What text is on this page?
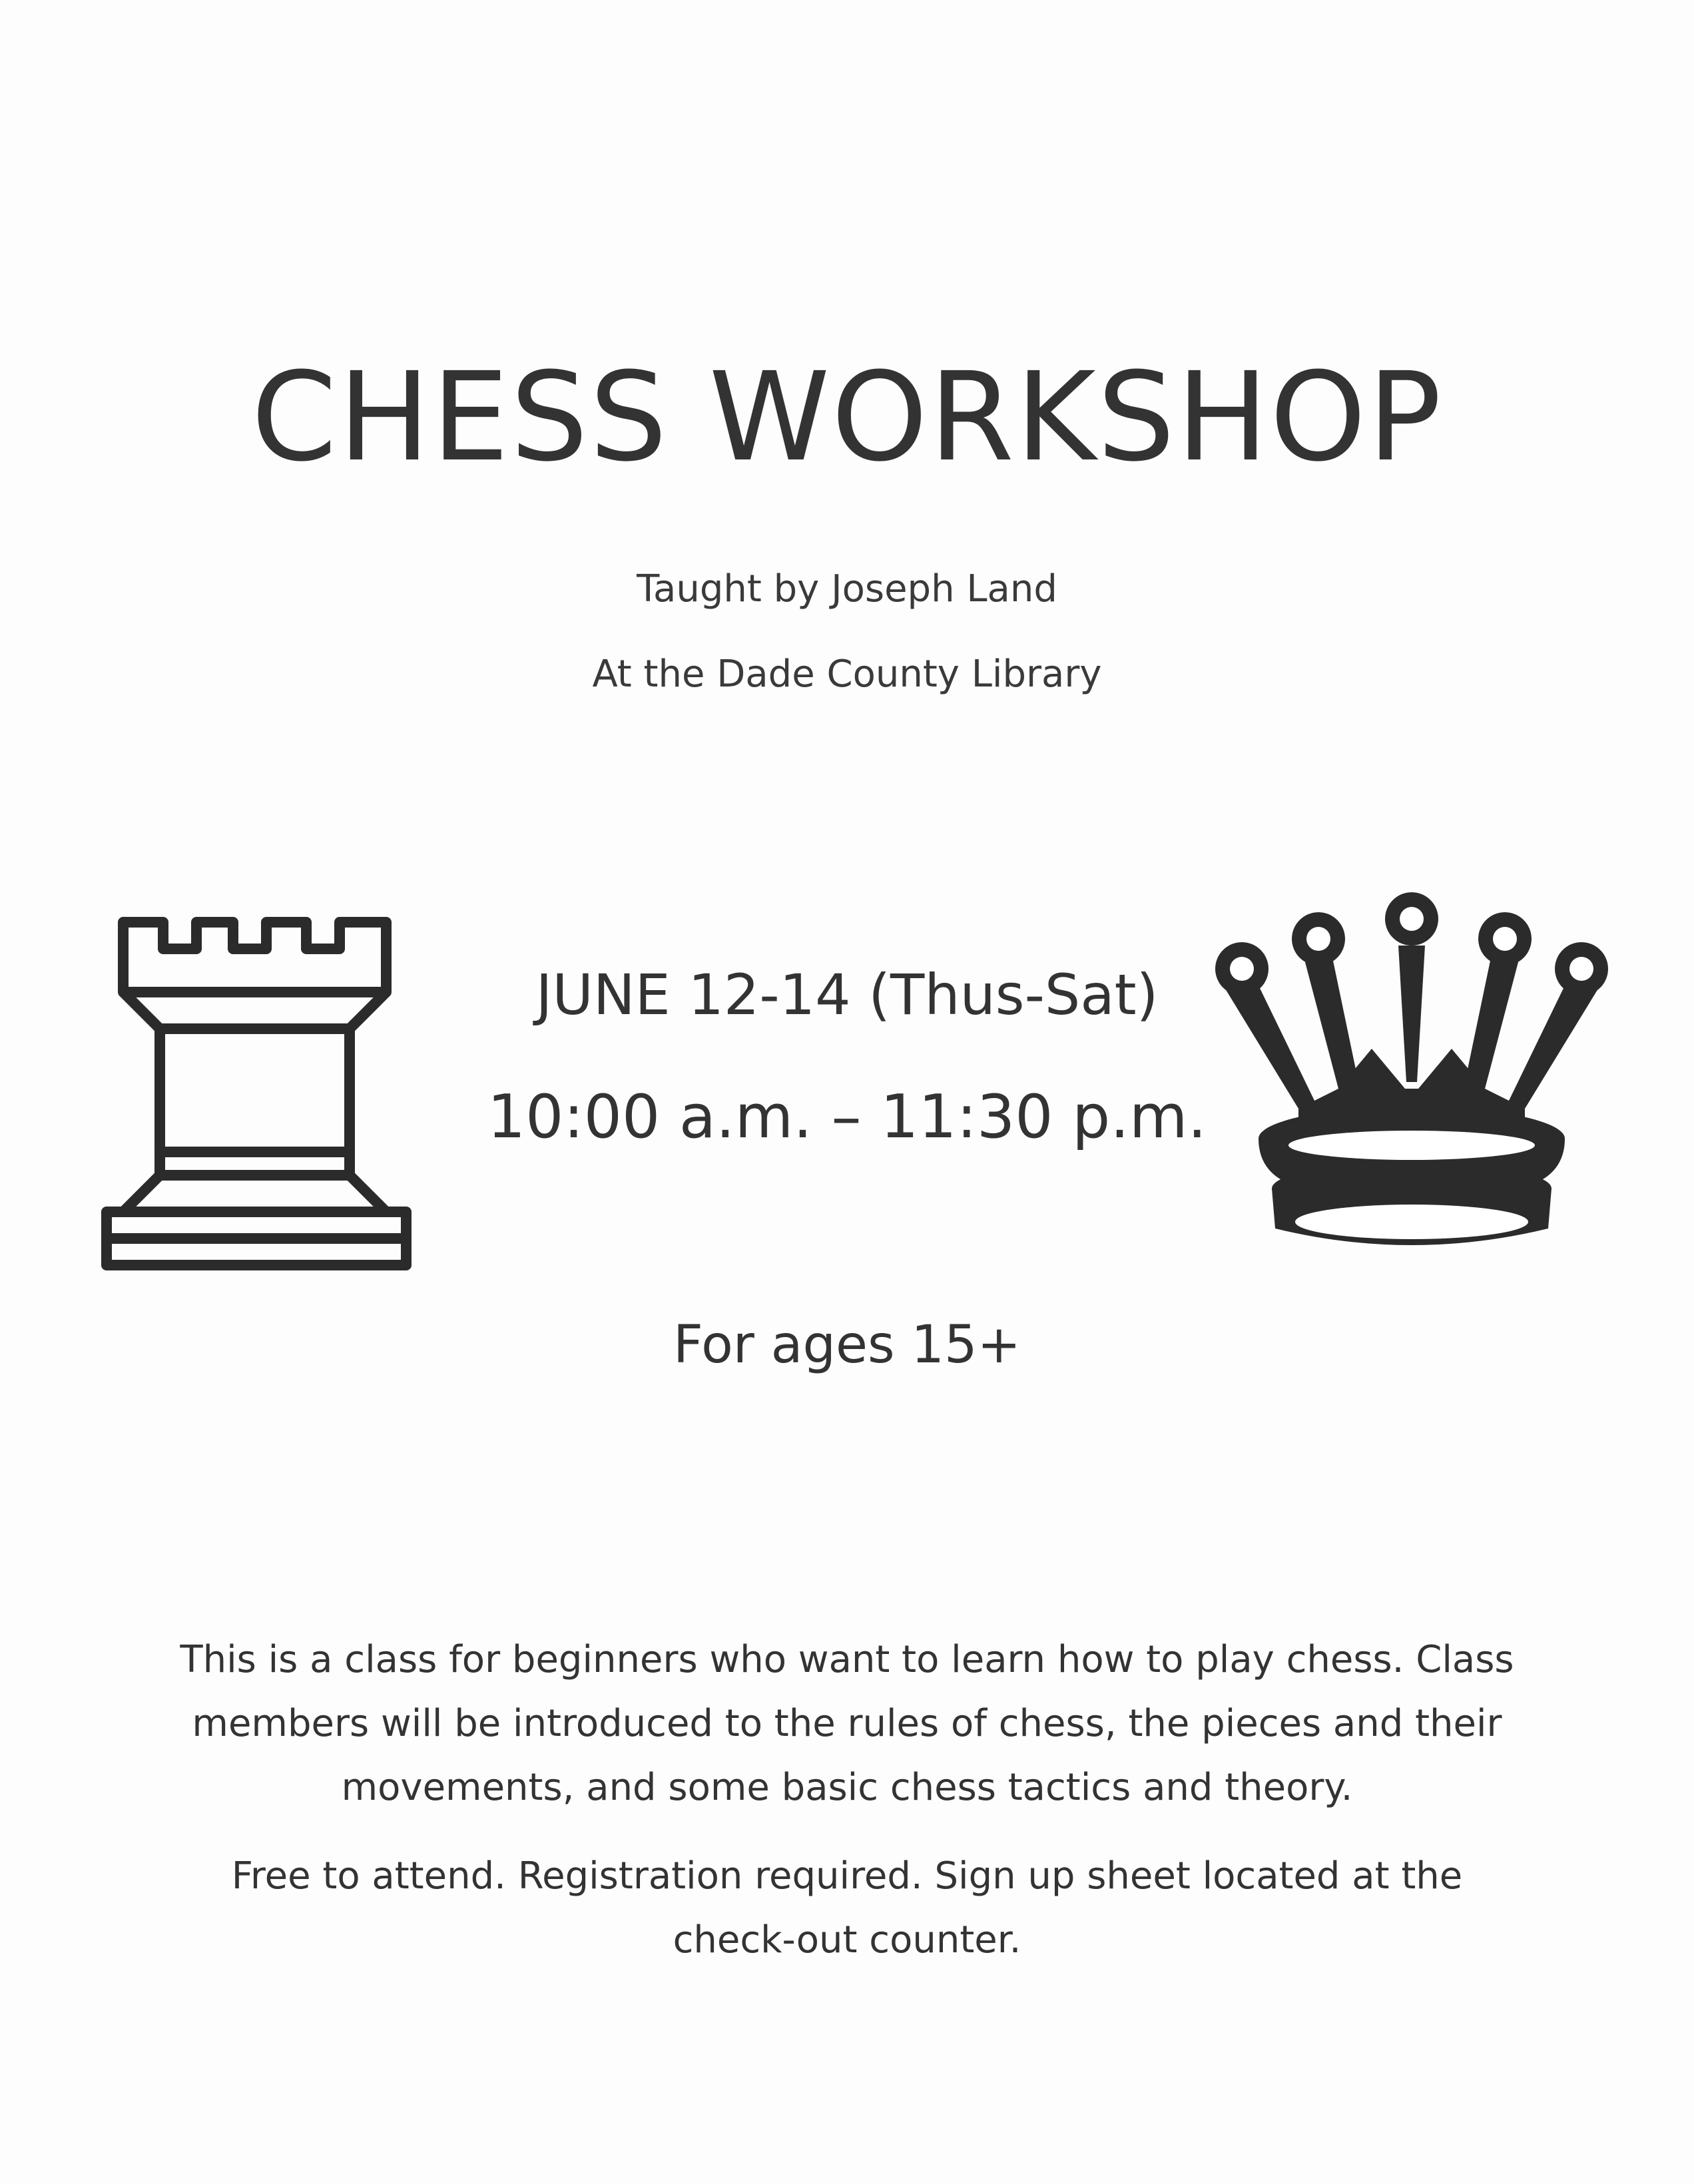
CHESS WORKSHOP
Taught by Joseph Land
At the Dade County Library
JUNE 12-14 (Thus-Sat)
10:00 a.m. – 11:30 p.m.
For ages 15+
This is a class for beginners who want to learn how to play chess. Class members will be introduced to the rules of chess, the pieces and their movements, and some basic chess tactics and theory.
Free to attend. Registration required. Sign up sheet located at the check-out counter.
